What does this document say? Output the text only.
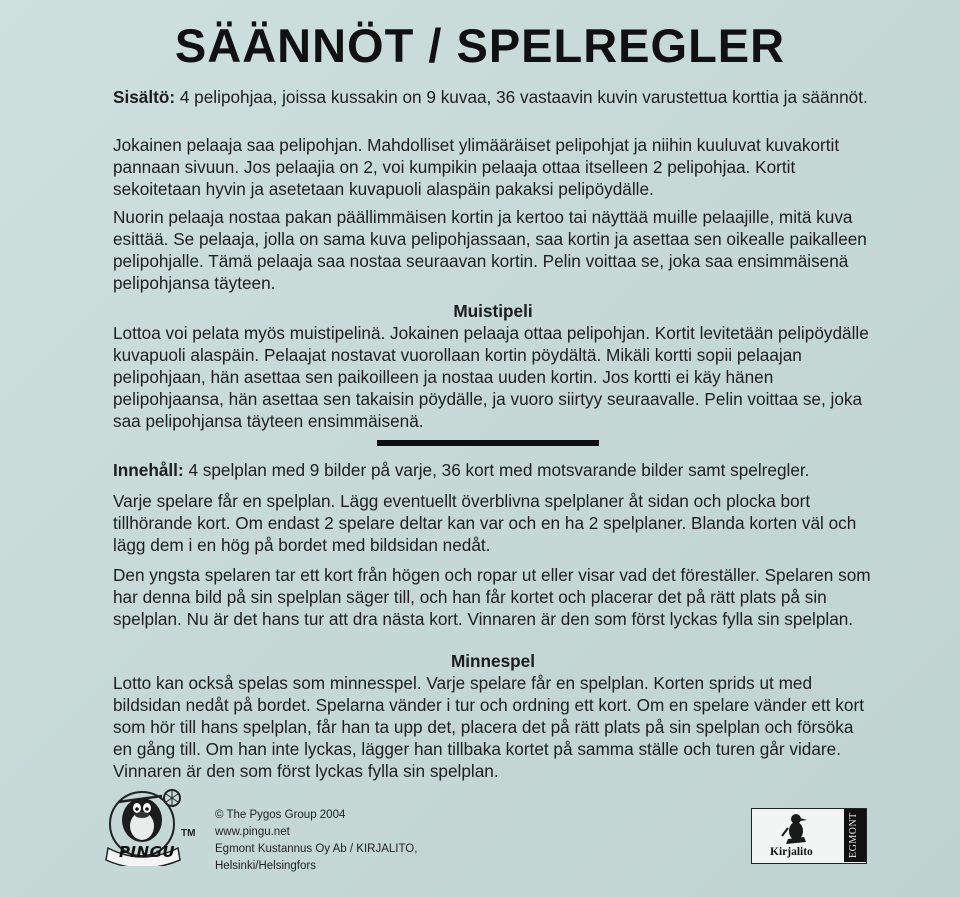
SÄÄNNÖT / SPELREGLER

Sisältö: 4 pelipohjaa, joissa kussakin on 9 kuvaa, 36 vastaavin kuvin varustettua korttia ja säännöt.

Jokainen pelaaja saa pelipohjan. Mahdolliset ylimääräiset pelipohjat ja niihin kuuluvat kuvakortit pannaan sivuun. Jos pelaajia on 2, voi kumpikin pelaaja ottaa itselleen 2 pelipohjaa. Kortit sekoitetaan hyvin ja asetetaan kuvapuoli alaspäin pakaksi pelipöydälle.

Nuorin pelaaja nostaa pakan päällimmäisen kortin ja kertoo tai näyttää muille pelaajille, mitä kuva esittää. Se pelaaja, jolla on sama kuva pelipohjassaan, saa kortin ja asettaa sen oikealle paikalleen pelipohjalle. Tämä pelaaja saa nostaa seuraavan kortin. Pelin voittaa se, joka saa ensimmäisenä pelipohjansa täyteen.

Muistipeli

Lottoa voi pelata myös muistipelinä. Jokainen pelaaja ottaa pelipohjan. Kortit levitetään pelipöydälle kuvapuoli alaspäin. Pelaajat nostavat vuorollaan kortin pöydältä. Mikäli kortti sopii pelaajan pelipohjaan, hän asettaa sen paikoilleen ja nostaa uuden kortin. Jos kortti ei käy hänen pelipohjaansa, hän asettaa sen takaisin pöydälle, ja vuoro siirtyy seuraavalle. Pelin voittaa se, joka saa pelipohjansa täyteen ensimmäisenä.

Innehåll: 4 spelplan med 9 bilder på varje, 36 kort med motsvarande bilder samt spelregler.

Varje spelare får en spelplan. Lägg eventuellt överblivna spelplaner åt sidan och plocka bort tillhörande kort. Om endast 2 spelare deltar kan var och en ha 2 spelplaner. Blanda korten väl och lägg dem i en hög på bordet med bildsidan nedåt.

Den yngsta spelaren tar ett kort från högen och ropar ut eller visar vad det föreställer. Spelaren som har denna bild på sin spelplan säger till, och han får kortet och placerar det på rätt plats på sin spelplan. Nu är det hans tur att dra nästa kort. Vinnaren är den som först lyckas fylla sin spelplan.

Minnespel

Lotto kan också spelas som minnesspel. Varje spelare får en spelplan. Korten sprids ut med bildsidan nedåt på bordet. Spelarna vänder i tur och ordning ett kort. Om en spelare vänder ett kort som hör till hans spelplan, får han ta upp det, placera det på rätt plats på sin spelplan och försöka en gång till. Om han inte lyckas, lägger han tillbaka kortet på samma ställe och turen går vidare. Vinnaren är den som först lyckas fylla sin spelplan.

PINGU
TM
© The Pygos Group 2004
www.pingu.net
Egmont Kustannus Oy Ab / KIRJALITO,
Helsinki/Helsingfors
Kirjalito	EGMONT
